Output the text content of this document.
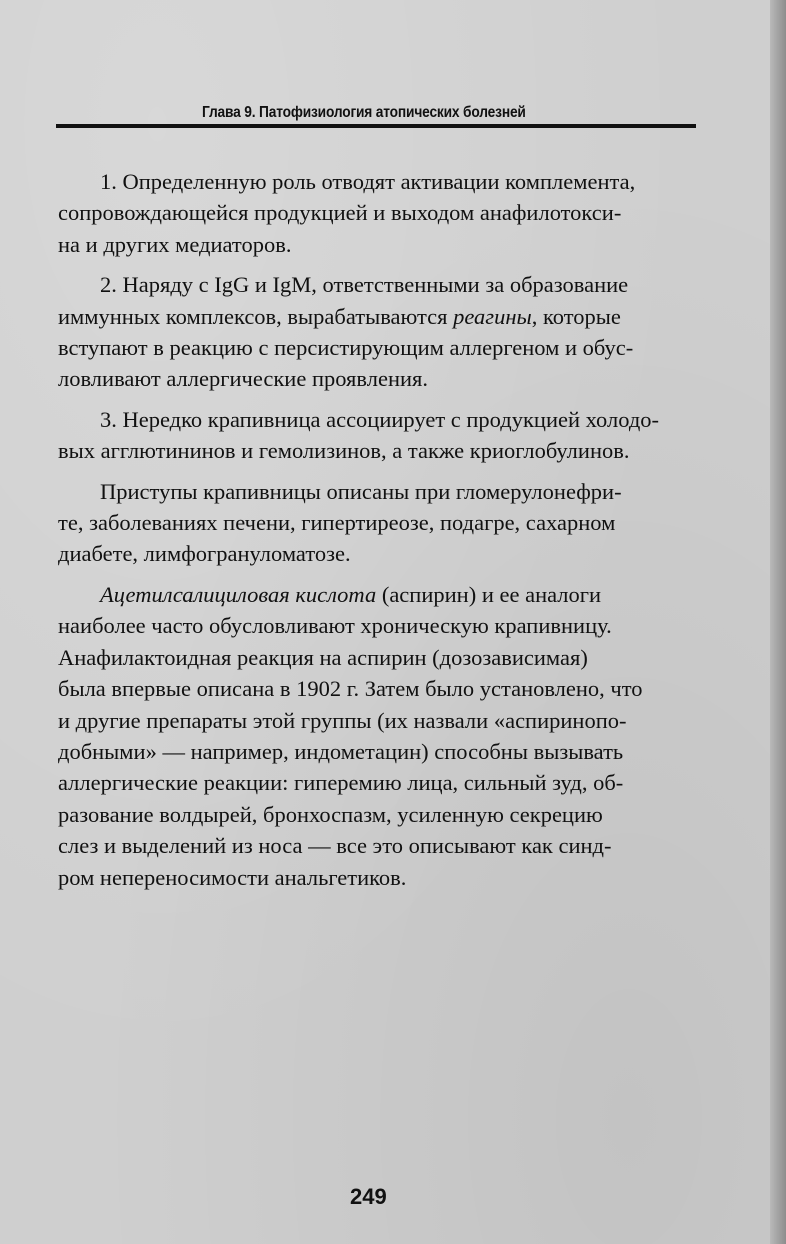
Глава 9. Патофизиология атопических болезней

1. Определенную роль отводят активации комплемента,
сопровождающейся продукцией и выходом анафилотокси-
на и других медиаторов.

2. Наряду с IgG и IgM, ответственными за образование
иммунных комплексов, вырабатываются реагины, которые
вступают в реакцию с персистирующим аллергеном и обус-
ловливают аллергические проявления.

3. Нередко крапивница ассоциирует с продукцией холодо-
вых агглютининов и гемолизинов, а также криоглобулинов.

Приступы крапивницы описаны при гломерулонефри-
те, заболеваниях печени, гипертиреозе, подагре, сахарном
диабете, лимфогрануломатозе.

Ацетилсалициловая кислота (аспирин) и ее аналоги
наиболее часто обусловливают хроническую крапивницу.
Анафилактоидная реакция на аспирин (дозозависимая)
была впервые описана в 1902 г. Затем было установлено, что
и другие препараты этой группы (их назвали «аспиринопо-
добными» — например, индометацин) способны вызывать
аллергические реакции: гиперемию лица, сильный зуд, об-
разование волдырей, бронхоспазм, усиленную секрецию
слез и выделений из носа — все это описывают как синд-
ром непереносимости анальгетиков.

249
